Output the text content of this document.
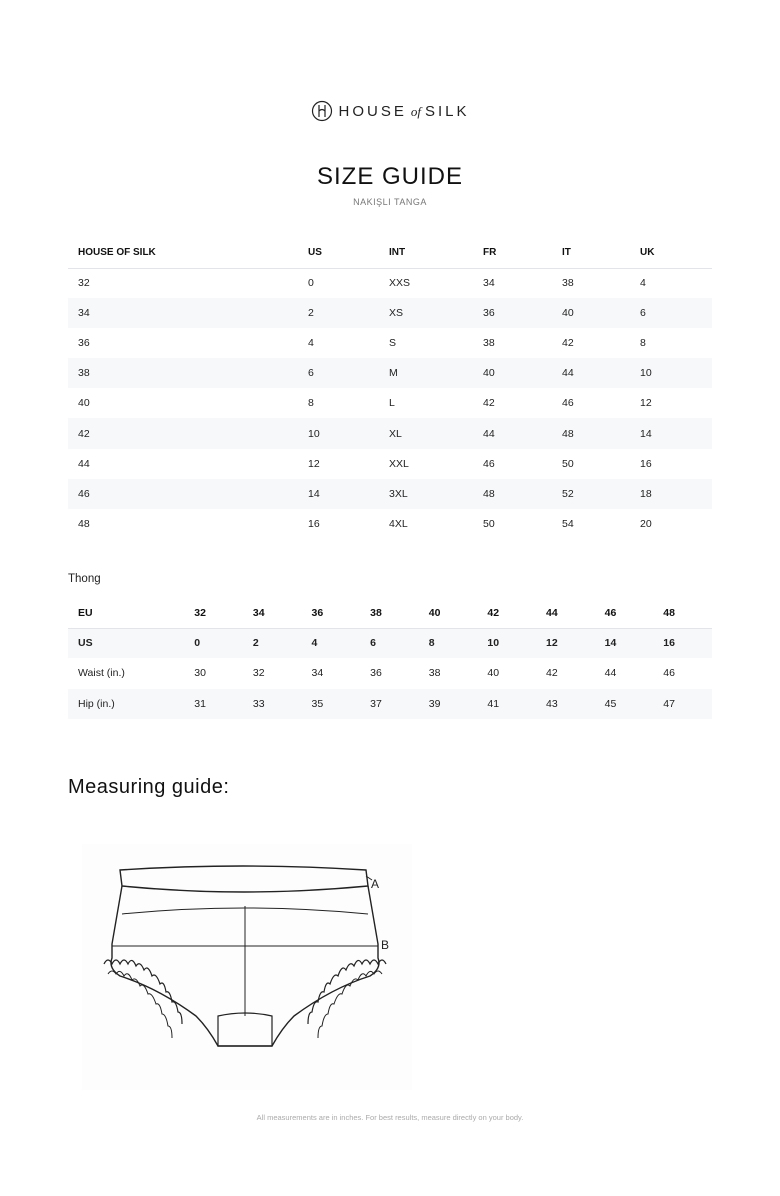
HOUSE of SILK
SIZE GUIDE
NAKIŞLI TANGA
HOUSE OF SILK	US	INT	FR	IT	UK
32	0	XXS	34	38	4
34	2	XS	36	40	6
36	4	S	38	42	8
38	6	M	40	44	10
40	8	L	42	46	12
42	10	XL	44	48	14
44	12	XXL	46	50	16
46	14	3XL	48	52	18
48	16	4XL	50	54	20
Thong
EU	32	34	36	38	40	42	44	46	48
US	0	2	4	6	8	10	12	14	16
Waist (in.)	30	32	34	36	38	40	42	44	46
Hip (in.)	31	33	35	37	39	41	43	45	47
Measuring guide:
A
B
All measurements are in inches. For best results, measure directly on your body.
